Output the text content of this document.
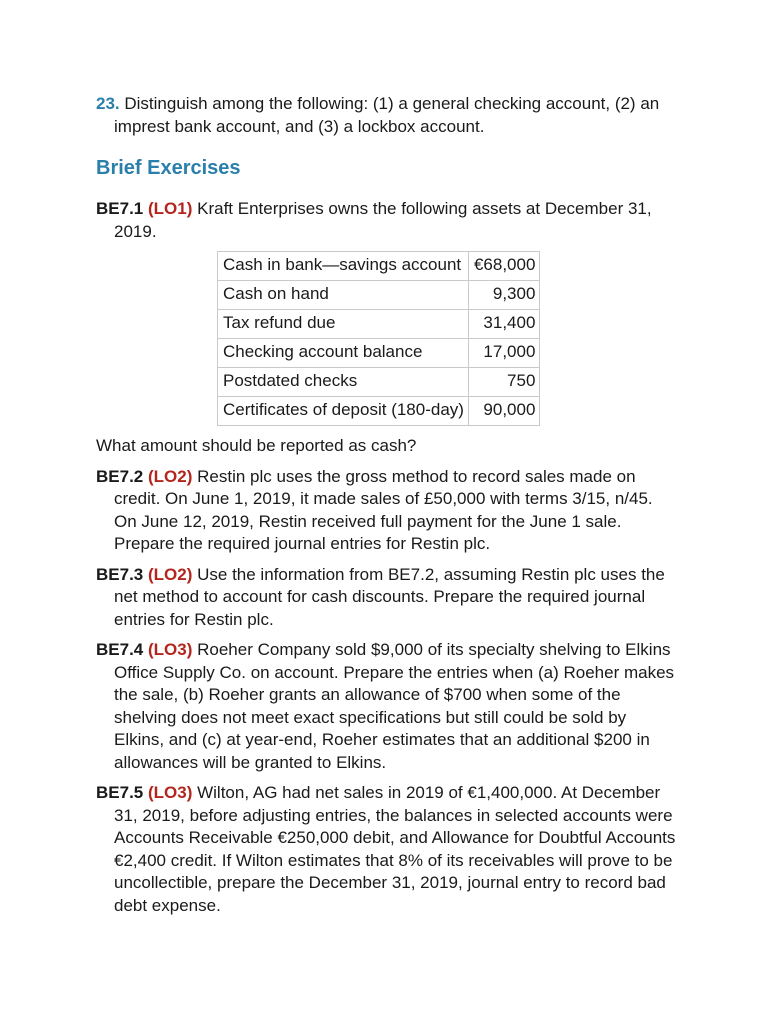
23. Distinguish among the following: (1) a general checking account, (2) an imprest bank account, and (3) a lockbox account.
Brief Exercises
BE7.1 (LO1) Kraft Enterprises owns the following assets at December 31, 2019.
Cash in bank—savings account	€68,000
Cash on hand	9,300
Tax refund due	31,400
Checking account balance	17,000
Postdated checks	750
Certificates of deposit (180-day)	90,000
What amount should be reported as cash?
BE7.2 (LO2) Restin plc uses the gross method to record sales made on credit. On June 1, 2019, it made sales of £50,000 with terms 3/15, n/45. On June 12, 2019, Restin received full payment for the June 1 sale. Prepare the required journal entries for Restin plc.
BE7.3 (LO2) Use the information from BE7.2, assuming Restin plc uses the net method to account for cash discounts. Prepare the required journal entries for Restin plc.
BE7.4 (LO3) Roeher Company sold $9,000 of its specialty shelving to Elkins Office Supply Co. on account. Prepare the entries when (a) Roeher makes the sale, (b) Roeher grants an allowance of $700 when some of the shelving does not meet exact specifications but still could be sold by Elkins, and (c) at year-end, Roeher estimates that an additional $200 in allowances will be granted to Elkins.
BE7.5 (LO3) Wilton, AG had net sales in 2019 of €1,400,000. At December 31, 2019, before adjusting entries, the balances in selected accounts were Accounts Receivable €250,000 debit, and Allowance for Doubtful Accounts €2,400 credit. If Wilton estimates that 8% of its receivables will prove to be uncollectible, prepare the December 31, 2019, journal entry to record bad debt expense.
